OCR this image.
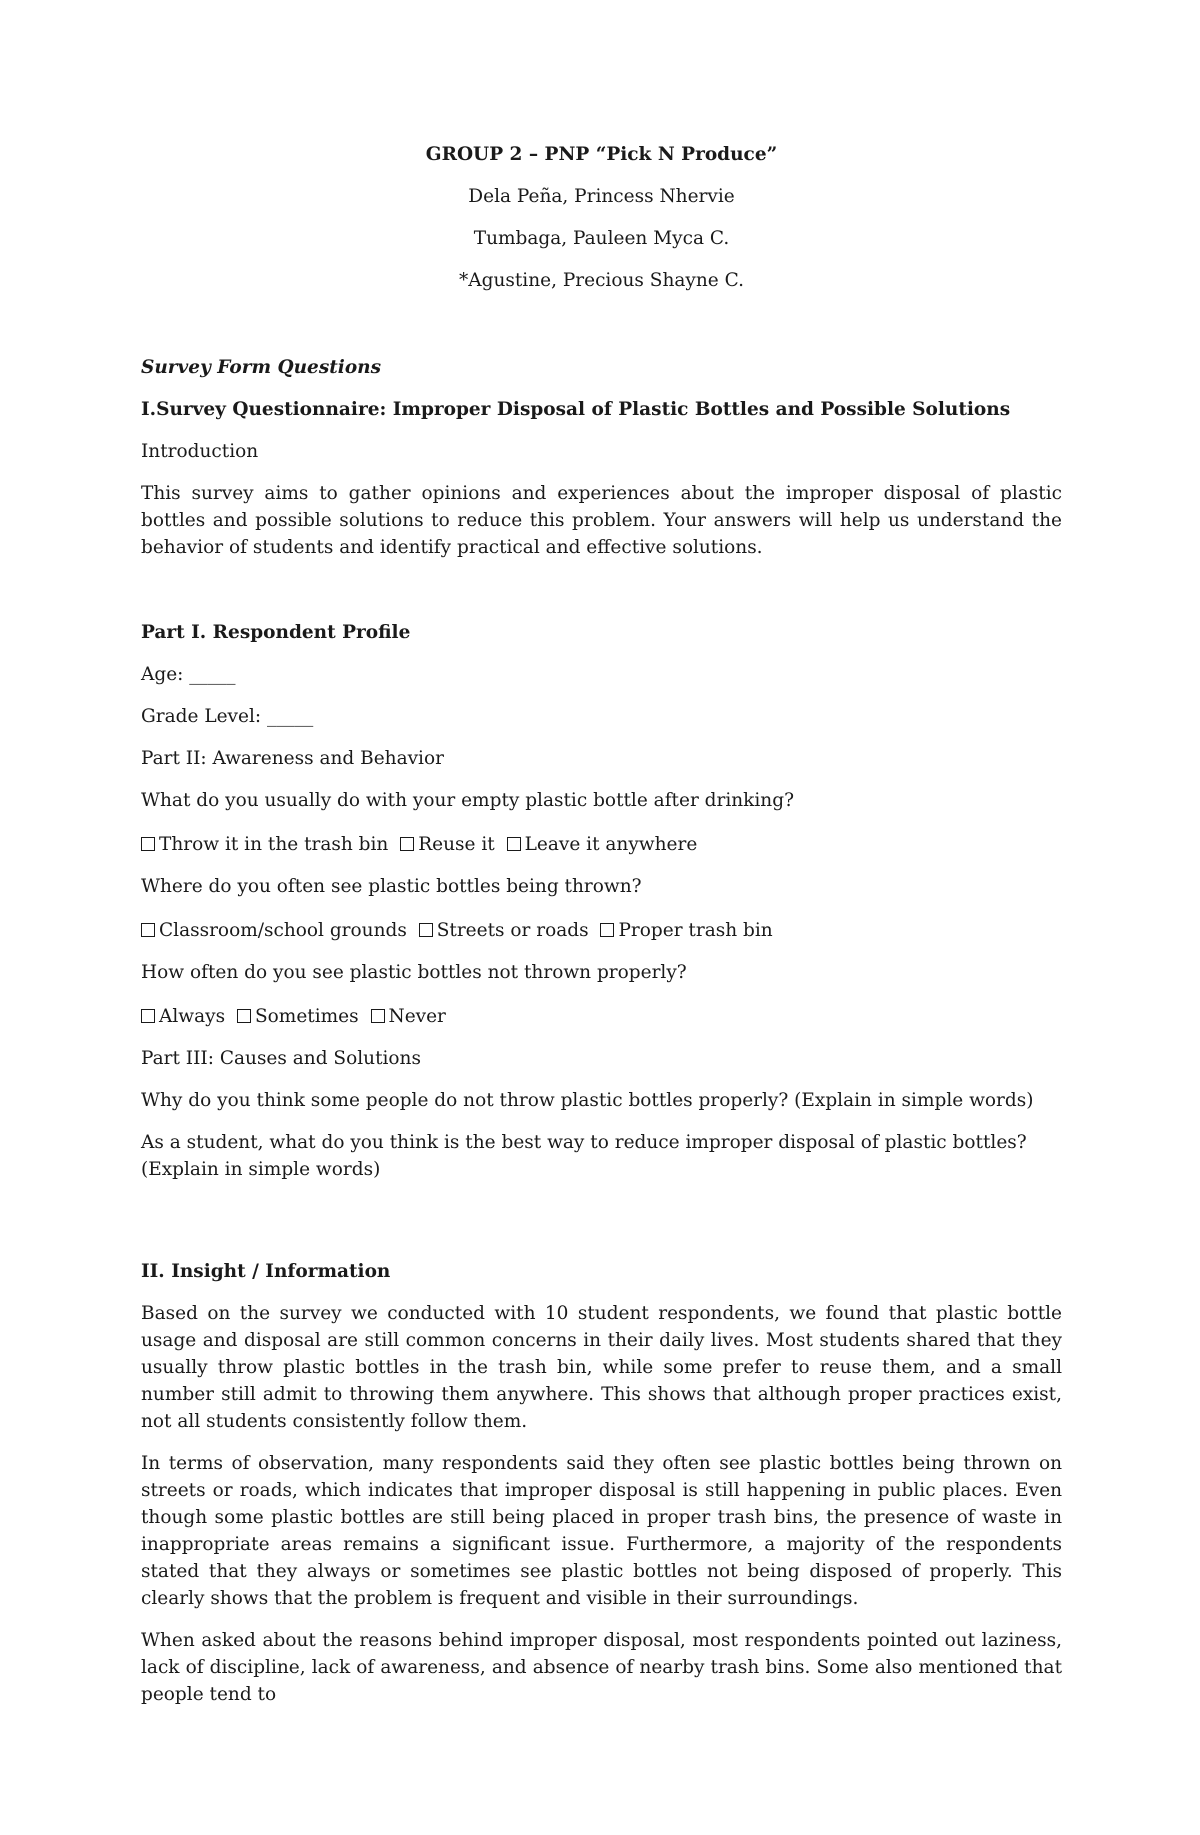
GROUP 2 – PNP “Pick N Produce”

Dela Peña, Princess Nhervie

Tumbaga, Pauleen Myca C.

*Agustine, Precious Shayne C.

Survey Form Questions

I.Survey Questionnaire: Improper Disposal of Plastic Bottles and Possible Solutions

Introduction

This survey aims to gather opinions and experiences about the improper disposal of plastic bottles and possible solutions to reduce this problem. Your answers will help us understand the behavior of students and identify practical and effective solutions.

Part I. Respondent Profile

Age: _____

Grade Level: _____

Part II: Awareness and Behavior

What do you usually do with your empty plastic bottle after drinking?

Throw it in the trash bin Reuse it Leave it anywhere

Where do you often see plastic bottles being thrown?

Classroom/school grounds Streets or roads Proper trash bin

How often do you see plastic bottles not thrown properly?

Always Sometimes Never

Part III: Causes and Solutions

Why do you think some people do not throw plastic bottles properly? (Explain in simple words)

As a student, what do you think is the best way to reduce improper disposal of plastic bottles? (Explain in simple words)

II. Insight / Information

Based on the survey we conducted with 10 student respondents, we found that plastic bottle usage and disposal are still common concerns in their daily lives. Most students shared that they usually throw plastic bottles in the trash bin, while some prefer to reuse them, and a small number still admit to throwing them anywhere. This shows that although proper practices exist, not all students consistently follow them.

In terms of observation, many respondents said they often see plastic bottles being thrown on streets or roads, which indicates that improper disposal is still happening in public places. Even though some plastic bottles are still being placed in proper trash bins, the presence of waste in inappropriate areas remains a significant issue. Furthermore, a majority of the respondents stated that they always or sometimes see plastic bottles not being disposed of properly. This clearly shows that the problem is frequent and visible in their surroundings.

When asked about the reasons behind improper disposal, most respondents pointed out laziness, lack of discipline, lack of awareness, and absence of nearby trash bins. Some also mentioned that people tend to
